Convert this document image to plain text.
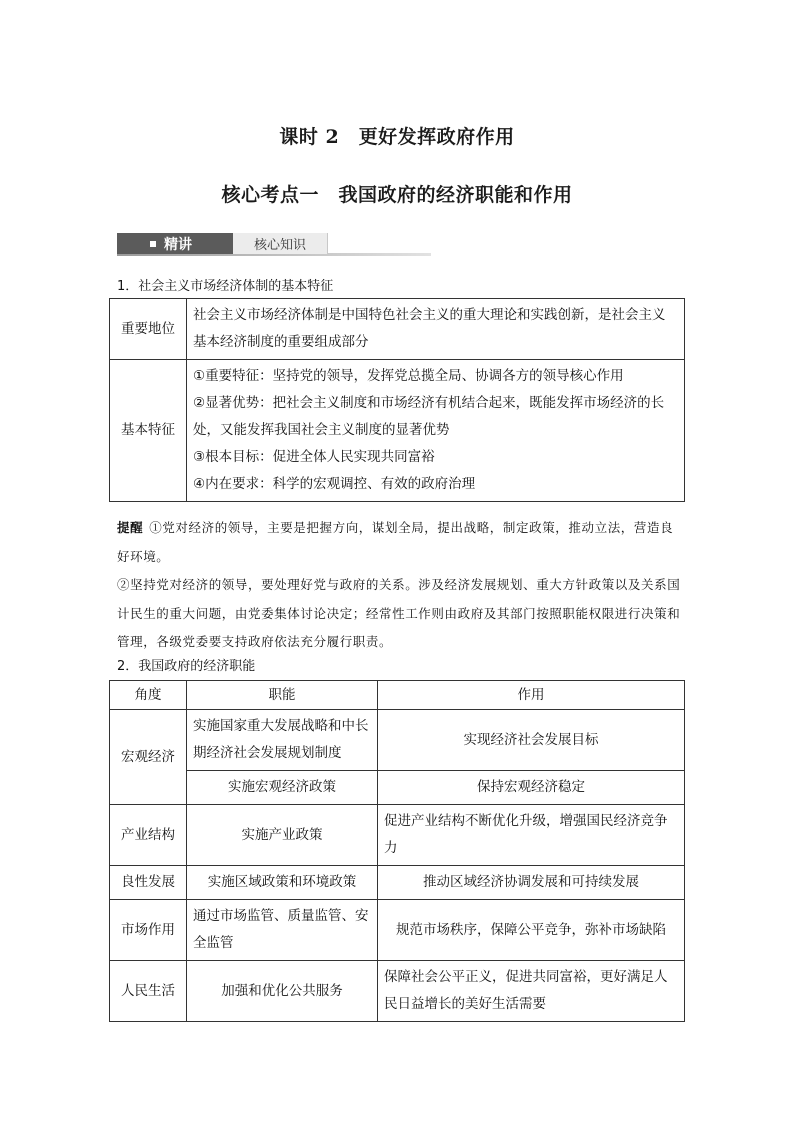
课时 2　更好发挥政府作用
核心考点一　我国政府的经济职能和作用
精讲	核心知识
1．社会主义市场经济体制的基本特征
重要地位	社会主义市场经济体制是中国特色社会主义的重大理论和实践创新，是社会主义基本经济制度的重要组成部分

基本特征	①重要特征：坚持党的领导，发挥党总揽全局、协调各方的领导核心作用
②显著优势：把社会主义制度和市场经济有机结合起来，既能发挥市场经济的长处，又能发挥我国社会主义制度的显著优势
③根本目标：促进全体人民实现共同富裕
④内在要求：科学的宏观调控、有效的政府治理

提醒 ①党对经济的领导，主要是把握方向，谋划全局，提出战略，制定政策，推动立法，营造良好环境。

②坚持党对经济的领导，要处理好党与政府的关系。涉及经济发展规划、重大方针政策以及关系国计民生的重大问题，由党委集体讨论决定；经常性工作则由政府及其部门按照职能权限进行决策和管理，各级党委要支持政府依法充分履行职责。

2．我国政府的经济职能
角度	职能	作用
宏观经济	实施国家重大发展战略和中长期经济社会发展规划制度	实现经济社会发展目标
	实施宏观经济政策	保持宏观经济稳定
产业结构	实施产业政策	促进产业结构不断优化升级，增强国民经济竞争力
良性发展	实施区域政策和环境政策	推动区域经济协调发展和可持续发展
市场作用	通过市场监管、质量监管、安全监管	规范市场秩序，保障公平竞争，弥补市场缺陷
人民生活	加强和优化公共服务	保障社会公平正义，促进共同富裕，更好满足人民日益增长的美好生活需要
